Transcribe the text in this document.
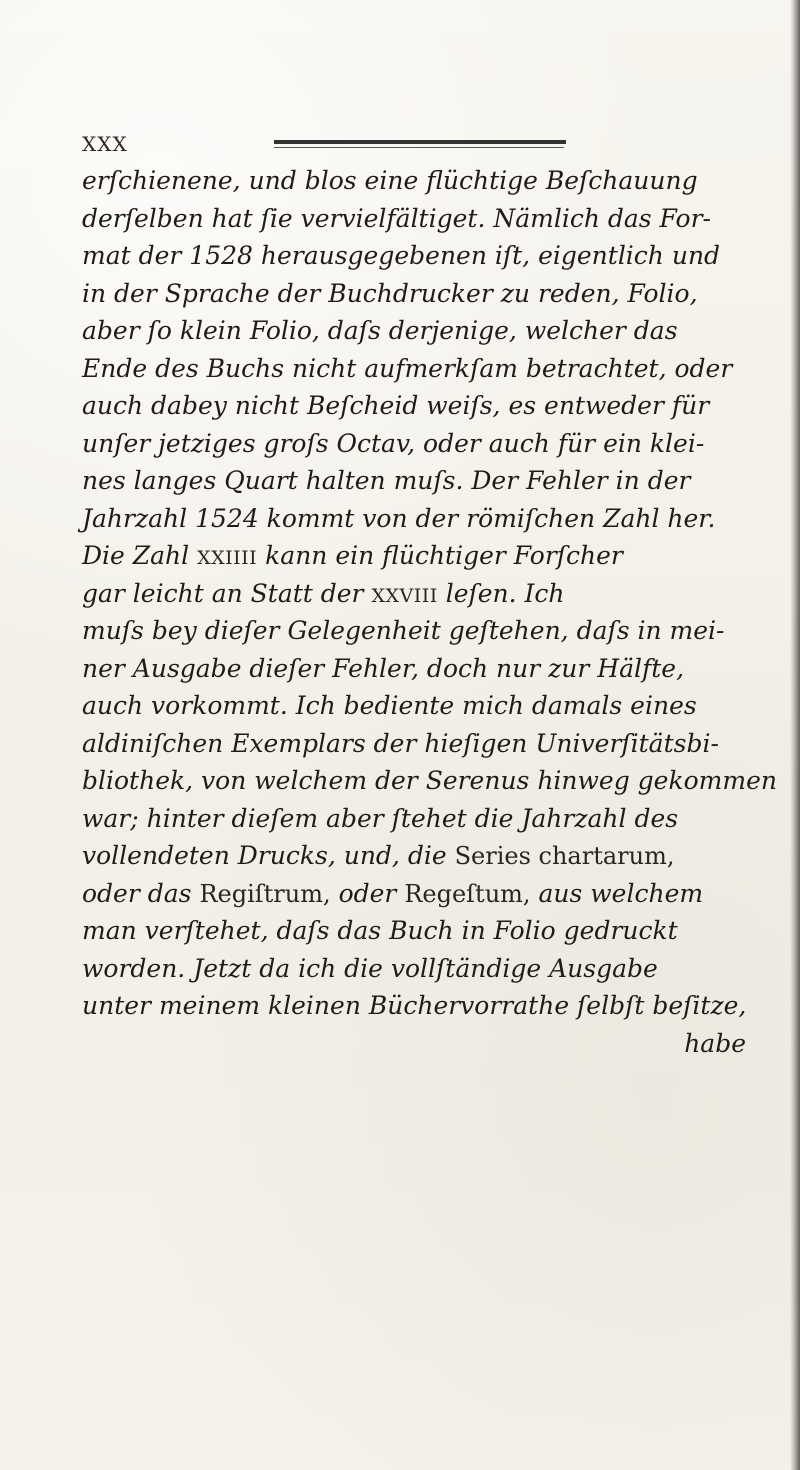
XXX
erſchienene, und blos eine flüchtige Beſchauung
derſelben hat ſie vervielfältiget. Nämlich das For-
mat der 1528 herausgegebenen iſt, eigentlich und
in der Sprache der Buchdrucker zu reden, Folio,
aber ſo klein Folio, daſs derjenige, welcher das
Ende des Buchs nicht aufmerkſam betrachtet, oder
auch dabey nicht Beſcheid weiſs, es entweder für
unſer jetziges groſs Octav, oder auch für ein klei-
nes langes Quart halten muſs. Der Fehler in der
Jahrzahl 1524 kommt von der römiſchen Zahl her.
Die Zahl XXIIII kann ein flüchtiger Forſcher
gar leicht an Statt der XXVIII leſen. Ich
muſs bey dieſer Gelegenheit geſtehen, daſs in mei-
ner Ausgabe dieſer Fehler, doch nur zur Hälfte,
auch vorkommt. Ich bediente mich damals eines
aldiniſchen Exemplars der hieſigen Univerſitätsbi-
bliothek, von welchem der Serenus hinweg gekommen
war; hinter dieſem aber ſtehet die Jahrzahl des
vollendeten Drucks, und, die Series chartarum,
oder das Regiſtrum, oder Regeſtum, aus welchem
man verſtehet, daſs das Buch in Folio gedruckt
worden. Jetzt da ich die vollſtändige Ausgabe
unter meinem kleinen Büchervorrathe ſelbſt beſitze,
habe
